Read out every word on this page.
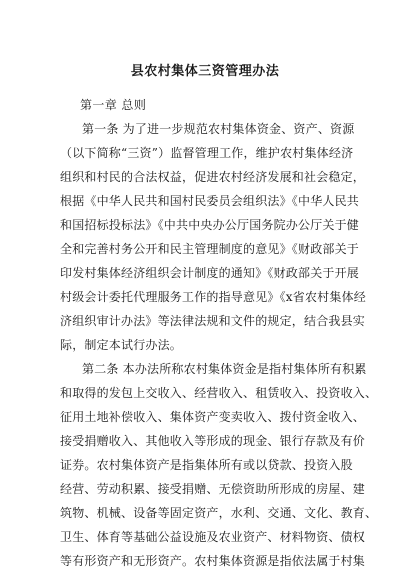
县农村集体三资管理办法
第一章 总则
第一条 为了进一步规范农村集体资金、资产、资源
（以下简称“三资”）监督管理工作，维护农村集体经济
组织和村民的合法权益，促进农村经济发展和社会稳定，
根据《中华人民共和国村民委员会组织法》《中华人民共
和国招标投标法》《中共中央办公厅国务院办公厅关于健
全和完善村务公开和民主管理制度的意见》《财政部关于
印发村集体经济组织会计制度的通知》《财政部关于开展
村级会计委托代理服务工作的指导意见》《x省农村集体经
济组织审计办法》等法律法规和文件的规定，结合我县实
际，制定本试行办法。
第二条 本办法所称农村集体资金是指村集体所有积累
和取得的发包上交收入、经营收入、租赁收入、投资收入、
征用土地补偿收入、集体资产变卖收入、拨付资金收入、
接受捐赠收入、其他收入等形成的现金、银行存款及有价
证券。农村集体资产是指集体所有或以贷款、投资入股
经营、劳动积累、接受捐赠、无偿资助所形成的房屋、建
筑物、机械、设备等固定资产，水利、交通、文化、教育、
卫生、体育等基础公益设施及农业资产、材料物资、债权
等有形资产和无形资产。农村集体资源是指依法属于村集
